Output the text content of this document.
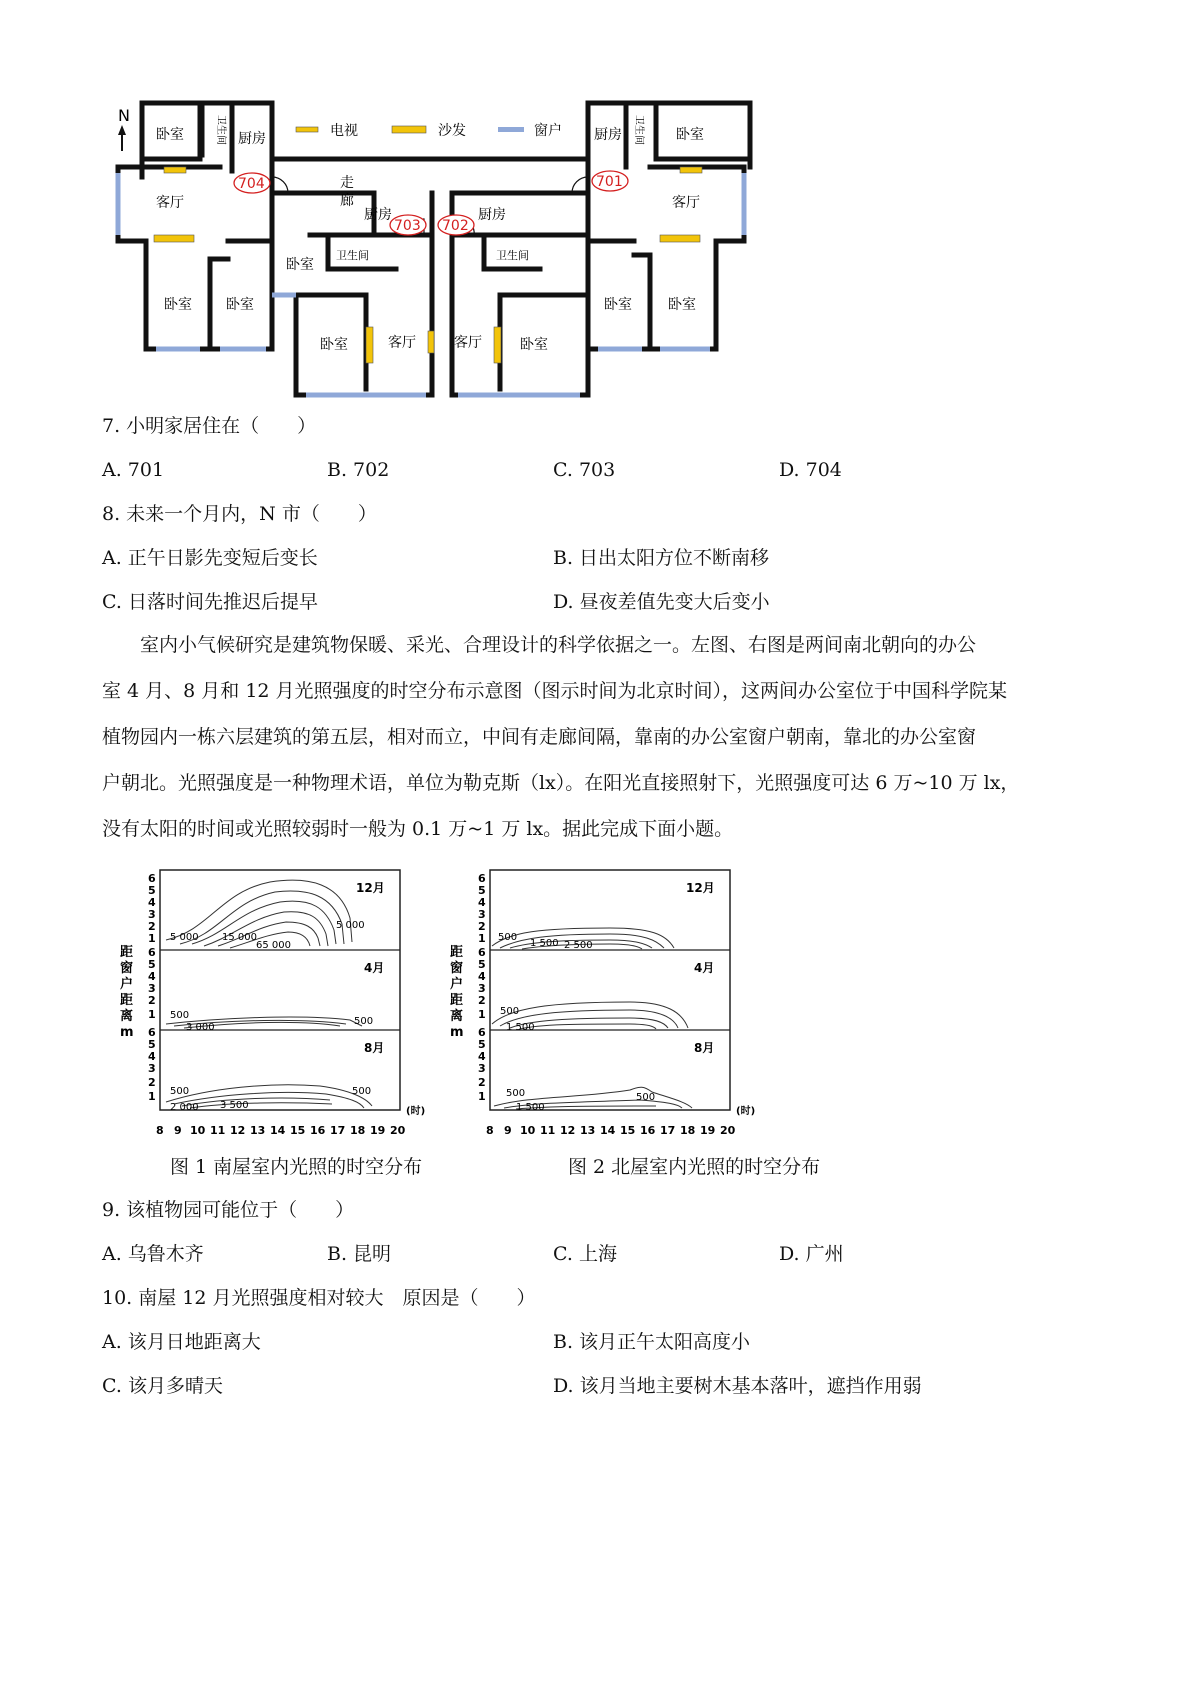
N
电视	沙发	窗户
卧室	卫生间 厨房
客厅
卧室 卧室
走
廊
厨房
卧室
卫生间
卧室	客厅	客厅
厨房
卫生间
卧室
厨房 卫生间 卧室
客厅
卧室	卧室
704
703 702
701
7. 小明家居住在（　　）
A. 701	B. 702	C. 703	D. 704
8. 未来一个月内，N 市（　　）
A. 正午日影先变短后变长	B. 日出太阳方位不断南移
C. 日落时间先推迟后提早	D. 昼夜差值先变大后变小
室内小气候研究是建筑物保暖、采光、合理设计的科学依据之一。左图、右图是两间南北朝向的办公
室 4 月、8 月和 12 月光照强度的时空分布示意图（图示时间为北京时间），这两间办公室位于中国科学院某
植物园内一栋六层建筑的第五层，相对而立，中间有走廊间隔，靠南的办公室窗户朝南，靠北的办公室窗
户朝北。光照强度是一种物理术语，单位为勒克斯（lx）。在阳光直接照射下，光照强度可达 6 万~10 万 lx，
没有太阳的时间或光照较弱时一般为 0.1 万~1 万 lx。据此完成下面小题。
6
5
4
3
2
1
6
5
4
3
2
1
6
5
4
3
2
1
距
窗
户
距
离
m
12月
4月
8月
5 000
5 000
15 000
65 000
500
500
3 000
500	500
2 000 3 500
8 9 10 11 12 13 14 15 16 17 18 19 20
(时)
6
5
4
3
2
1
6
5
4
3
2
1
6
5
4
3
2
1
距
窗
户
距
离
m
12月
4月
8月
500
1 500 2 500
500
1 500
500	500
1 500
8 9 10 11 12 13 14 15 16 17 18 19 20
(时)
图 1 南屋室内光照的时空分布	图 2 北屋室内光照的时空分布
9. 该植物园可能位于（　　）
A. 乌鲁木齐	B. 昆明	C. 上海	D. 广州
10. 南屋 12 月光照强度相对较大　原因是（　　）
A. 该月日地距离大	B. 该月正午太阳高度小
C. 该月多晴天	D. 该月当地主要树木基本落叶，遮挡作用弱
